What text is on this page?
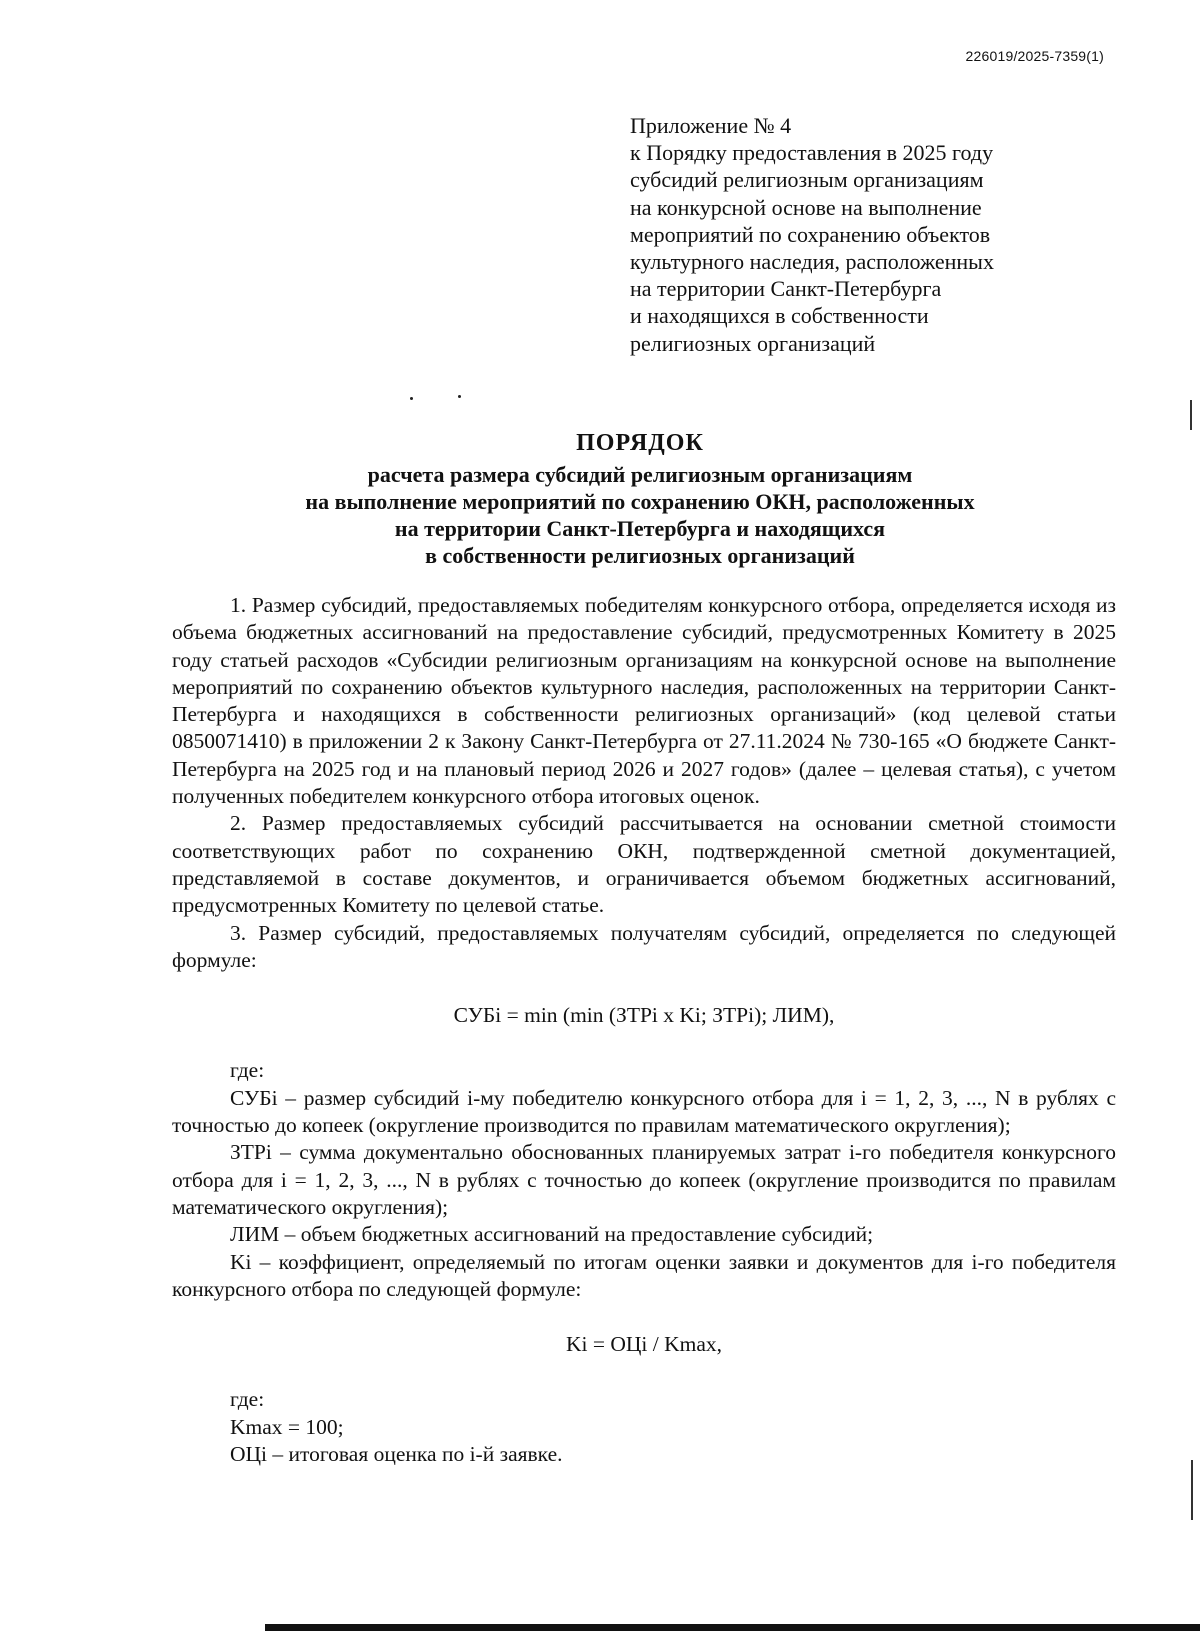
226019/2025-7359(1)
Приложение № 4
к Порядку предоставления в 2025 году
субсидий религиозным организациям
на конкурсной основе на выполнение
мероприятий по сохранению объектов
культурного наследия, расположенных
на территории Санкт-Петербурга
и находящихся в собственности
религиозных организаций
ПОРЯДОК
расчета размера субсидий религиозным организациям
на выполнение мероприятий по сохранению ОКН, расположенных
на территории Санкт-Петербурга и находящихся
в собственности религиозных организаций

1. Размер субсидий, предоставляемых победителям конкурсного отбора, определяется исходя из объема бюджетных ассигнований на предоставление субсидий, предусмотренных Комитету в 2025 году статьей расходов «Субсидии религиозным организациям на конкурсной основе на выполнение мероприятий по сохранению объектов культурного наследия, расположенных на территории Санкт-Петербурга и находящихся в собственности религиозных организаций» (код целевой статьи 0850071410) в приложении 2 к Закону Санкт-Петербурга от 27.11.2024 № 730-165 «О бюджете Санкт-Петербурга на 2025 год и на плановый период 2026 и 2027 годов» (далее – целевая статья), с учетом полученных победителем конкурсного отбора итоговых оценок.

2. Размер предоставляемых субсидий рассчитывается на основании сметной стоимости соответствующих работ по сохранению ОКН, подтвержденной сметной документацией, представляемой в составе документов, и ограничивается объемом бюджетных ассигнований, предусмотренных Комитету по целевой статье.

3. Размер субсидий, предоставляемых получателям субсидий, определяется по следующей формуле:

СУБi = min (min (ЗТРi x Ki; ЗТРi); ЛИМ),

где:

СУБi – размер субсидий i-му победителю конкурсного отбора для i = 1, 2, 3, ..., N в рублях с точностью до копеек (округление производится по правилам математического округления);

ЗТРi – сумма документально обоснованных планируемых затрат i-го победителя конкурсного отбора для i = 1, 2, 3, ..., N в рублях с точностью до копеек (округление производится по правилам математического округления);

ЛИМ – объем бюджетных ассигнований на предоставление субсидий;

Ki – коэффициент, определяемый по итогам оценки заявки и документов для i-го победителя конкурсного отбора по следующей формуле:

Ki = ОЦi / Kmax,

где:

Kmax = 100;

ОЦi – итоговая оценка по i-й заявке.
